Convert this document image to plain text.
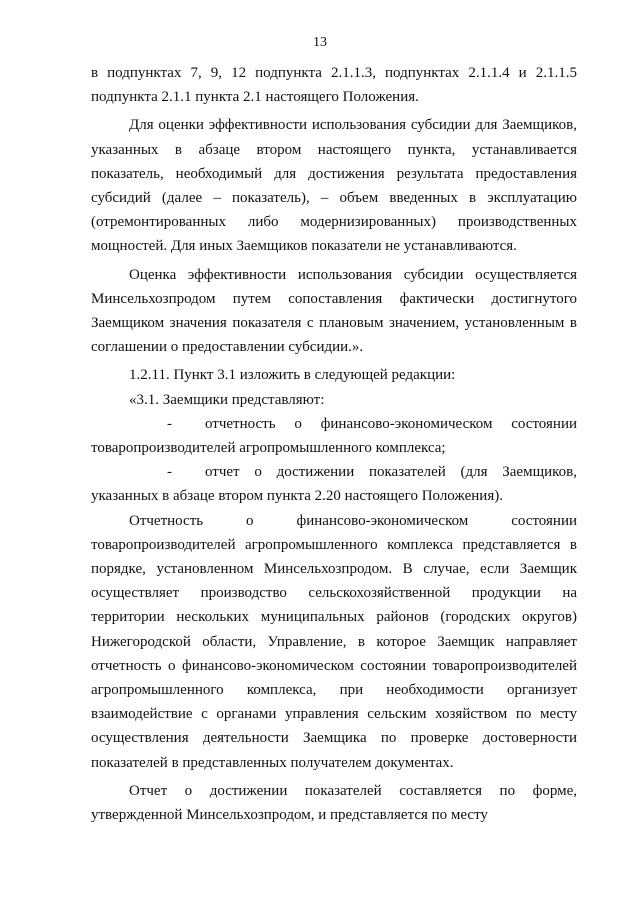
13

в подпунктах 7, 9, 12 подпункта 2.1.1.3, подпунктах 2.1.1.4 и 2.1.1.5 подпункта 2.1.1 пункта 2.1 настоящего Положения.

Для оценки эффективности использования субсидии для Заемщиков, указанных в абзаце втором настоящего пункта, устанавливается показатель, необходимый для достижения результата предоставления субсидий (далее – показатель), – объем введенных в эксплуатацию (отремонтированных либо модернизированных) производственных мощностей. Для иных Заемщиков показатели не устанавливаются.

Оценка эффективности использования субсидии осуществляется Минсельхозпродом путем сопоставления фактически достигнутого Заемщиком значения показателя с плановым значением, установленным в соглашении о предоставлении субсидии.».

1.2.11. Пункт 3.1 изложить в следующей редакции:

«3.1. Заемщики представляют:

- отчетность о финансово-экономическом состоянии товаропроизводителей агропромышленного комплекса;

- отчет о достижении показателей (для Заемщиков, указанных в абзаце втором пункта 2.20 настоящего Положения).

Отчетность о финансово-экономическом состоянии товаропроизводителей агропромышленного комплекса представляется в порядке, установленном Минсельхозпродом. В случае, если Заемщик осуществляет производство сельскохозяйственной продукции на территории нескольких муниципальных районов (городских округов) Нижегородской области, Управление, в которое Заемщик направляет отчетность о финансово-экономическом состоянии товаропроизводителей агропромышленного комплекса, при необходимости организует взаимодействие с органами управления сельским хозяйством по месту осуществления деятельности Заемщика по проверке достоверности показателей в представленных получателем документах.

Отчет о достижении показателей составляется по форме, утвержденной Минсельхозпродом, и представляется по месту
